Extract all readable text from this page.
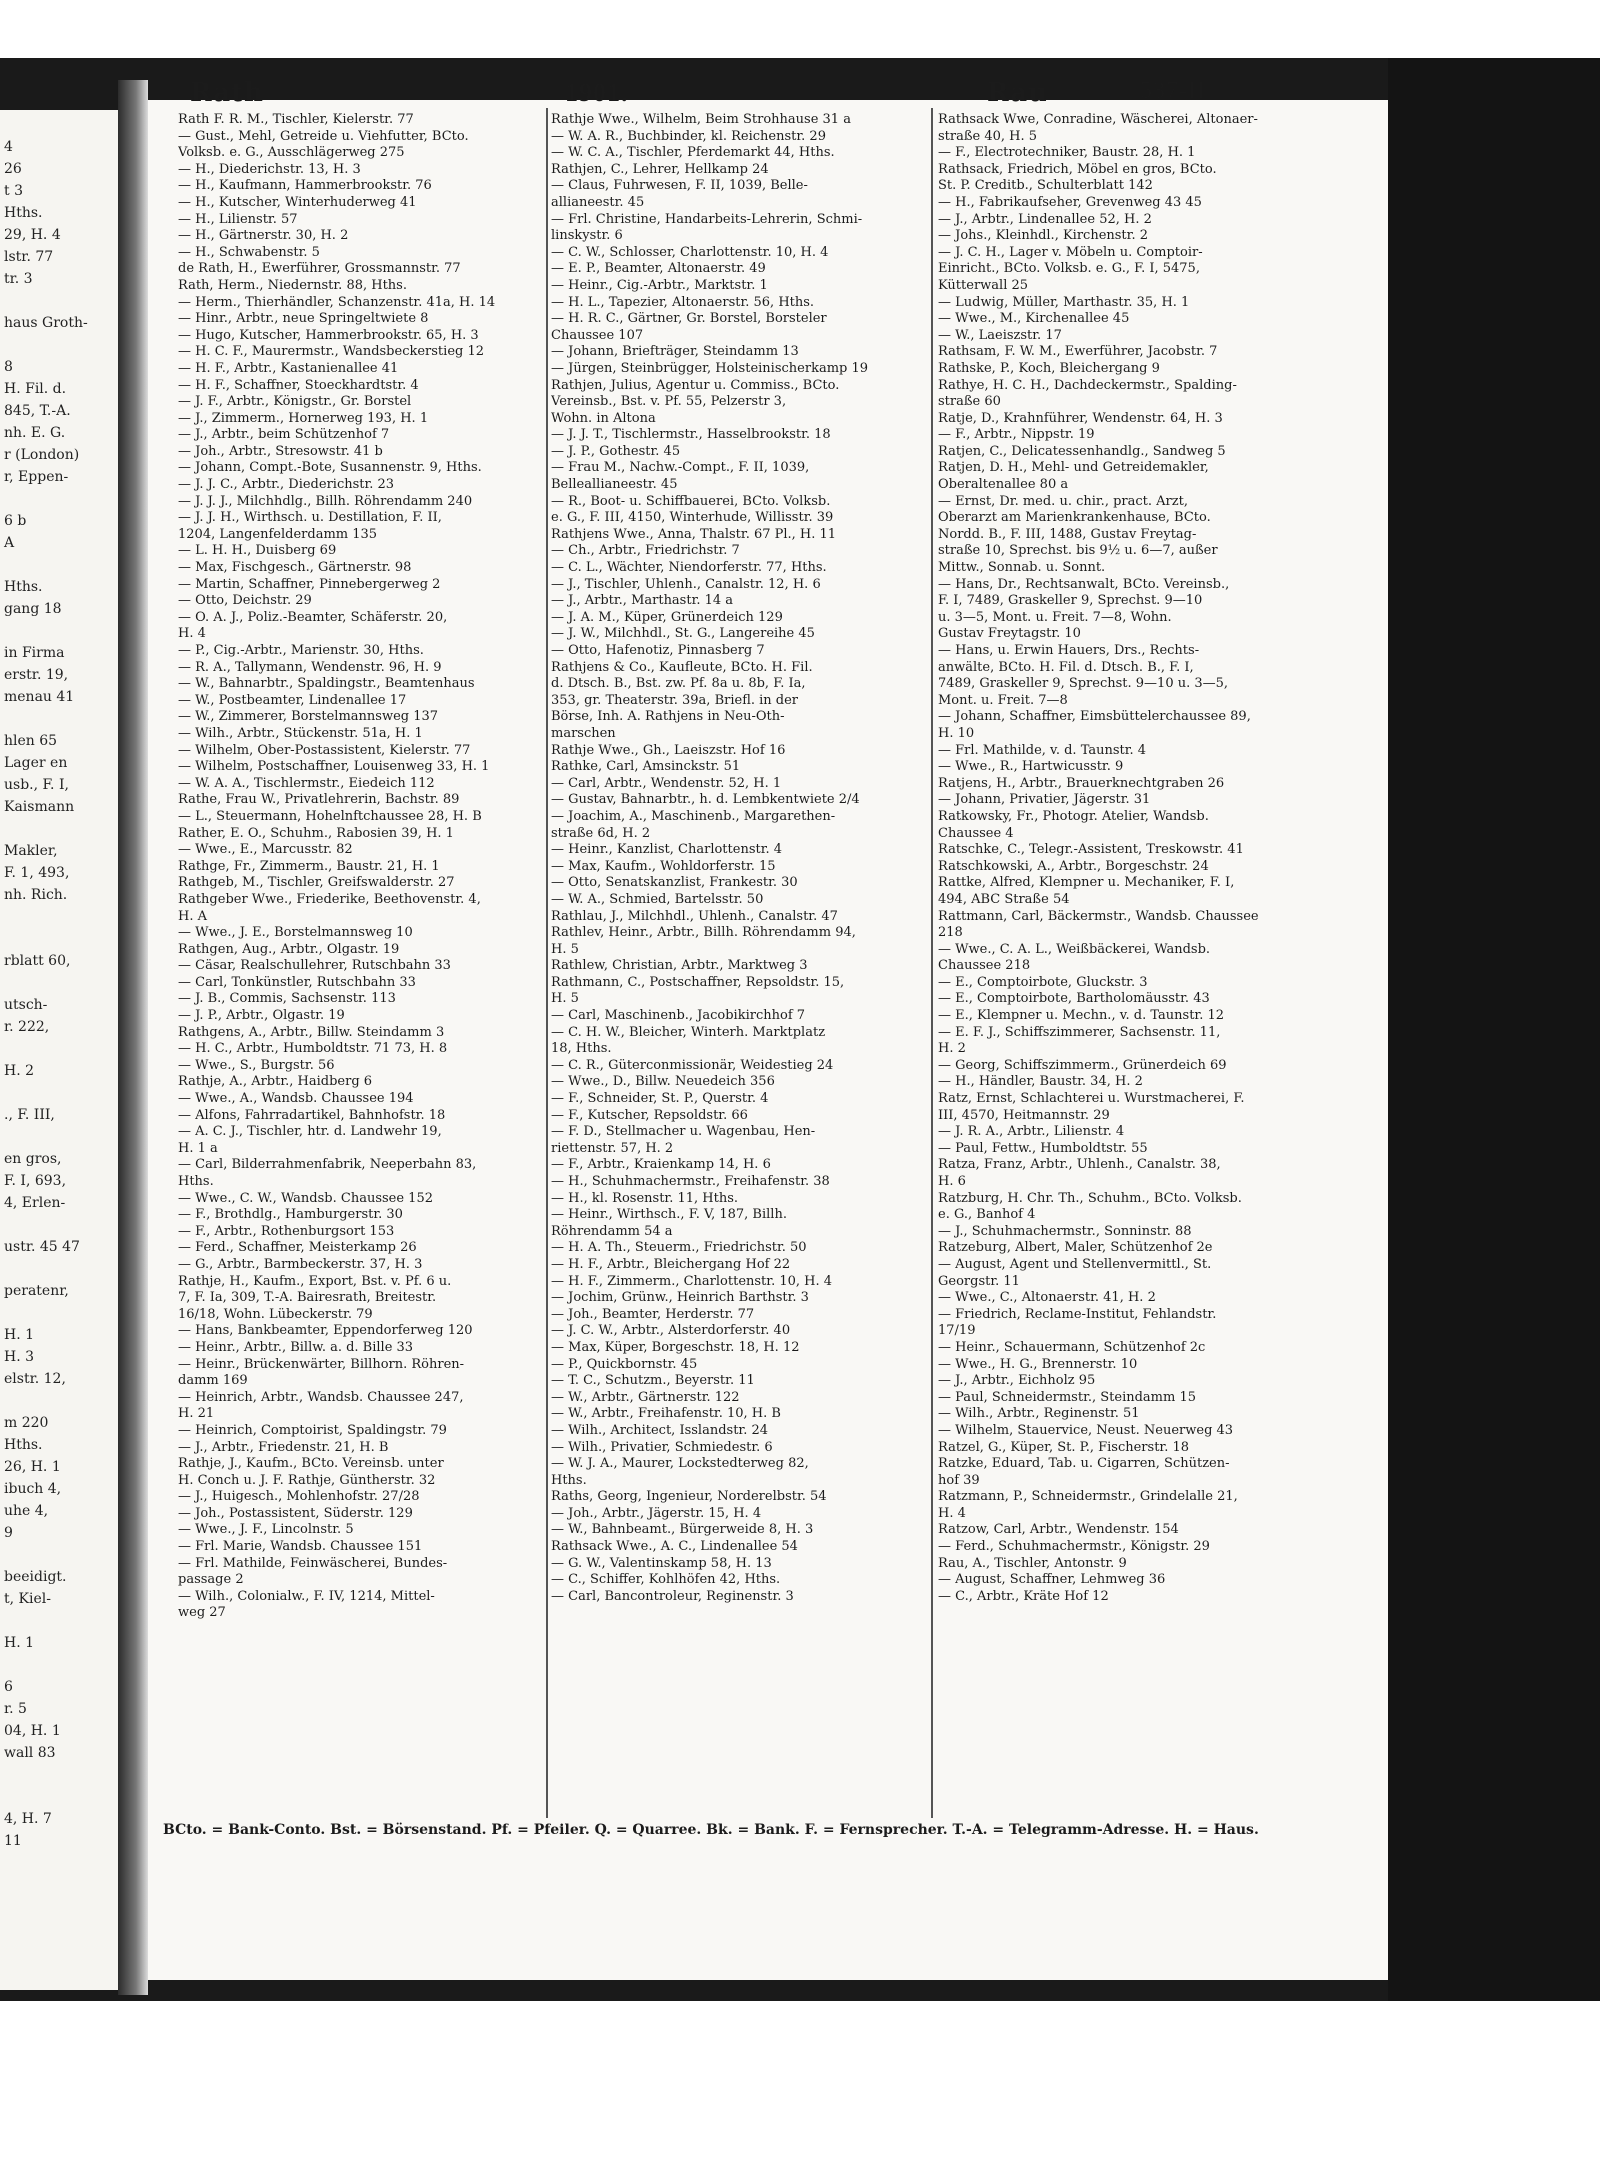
4
26
t 3
Hths.
29, H. 4
lstr. 77
tr. 3
haus Groth-
8
H. Fil. d.
845, T.-A.
nh. E. G.
r (London)
r, Eppen-
6 b
A
Hths.
gang 18
in Firma
erstr. 19,
menau 41
hlen 65
Lager en
usb., F. I,
Kaismann
Makler,
F. 1, 493,
nh. Rich.
rblatt 60,
utsch-
r. 222,
H. 2
., F. III,
en gros,
F. I, 693,
4, Erlen-
ustr. 45 47
peratenr,
H. 1
H. 3
elstr. 12,
m 220
Hths.
26, H. 1
ibuch 4,
uhe 4,
9
beeidigt.
t, Kiel-
H. 1
6
r. 5
04, H. 1
wall 83
4, H. 7
11
Rath	1901.	Rau	537-II
Rath F. R. M., Tischler, Kielerstr. 77
— Gust., Mehl, Getreide u. Viehfutter, BCto.
Volksb. e. G., Ausschlägerweg 275
— H., Diederichstr. 13, H. 3
— H., Kaufmann, Hammerbrookstr. 76
— H., Kutscher, Winterhuderweg 41
— H., Lilienstr. 57
— H., Gärtnerstr. 30, H. 2
— H., Schwabenstr. 5
de Rath, H., Ewerführer, Grossmannstr. 77
Rath, Herm., Niedernstr. 88, Hths.
— Herm., Thierhändler, Schanzenstr. 41a, H. 14
— Hinr., Arbtr., neue Springeltwiete 8
— Hugo, Kutscher, Hammerbrookstr. 65, H. 3
— H. C. F., Maurermstr., Wandsbeckerstieg 12
— H. F., Arbtr., Kastanienallee 41
— H. F., Schaffner, Stoeckhardtstr. 4
— J. F., Arbtr., Königstr., Gr. Borstel
— J., Zimmerm., Hornerweg 193, H. 1
— J., Arbtr., beim Schützenhof 7
— Joh., Arbtr., Stresowstr. 41 b
— Johann, Compt.-Bote, Susannenstr. 9, Hths.
— J. J. C., Arbtr., Diederichstr. 23
— J. J. J., Milchhdlg., Billh. Röhrendamm 240
— J. J. H., Wirthsch. u. Destillation, F. II,
1204, Langenfelderdamm 135
— L. H. H., Duisberg 69
— Max, Fischgesch., Gärtnerstr. 98
— Martin, Schaffner, Pinnebergerweg 2
— Otto, Deichstr. 29
— O. A. J., Poliz.-Beamter, Schäferstr. 20,
H. 4
— P., Cig.-Arbtr., Marienstr. 30, Hths.
— R. A., Tallymann, Wendenstr. 96, H. 9
— W., Bahnarbtr., Spaldingstr., Beamtenhaus
— W., Postbeamter, Lindenallee 17
— W., Zimmerer, Borstelmannsweg 137
— Wilh., Arbtr., Stückenstr. 51a, H. 1
— Wilhelm, Ober-Postassistent, Kielerstr. 77
— Wilhelm, Postschaffner, Louisenweg 33, H. 1
— W. A. A., Tischlermstr., Eiedeich 112
Rathe, Frau W., Privatlehrerin, Bachstr. 89
— L., Steuermann, Hohelnftchaussee 28, H. B
Rather, E. O., Schuhm., Rabosien 39, H. 1
— Wwe., E., Marcusstr. 82
Rathge, Fr., Zimmerm., Baustr. 21, H. 1
Rathgeb, M., Tischler, Greifswalderstr. 27
Rathgeber Wwe., Friederike, Beethovenstr. 4,
H. A
— Wwe., J. E., Borstelmannsweg 10
Rathgen, Aug., Arbtr., Olgastr. 19
— Cäsar, Realschullehrer, Rutschbahn 33
— Carl, Tonkünstler, Rutschbahn 33
— J. B., Commis, Sachsenstr. 113
— J. P., Arbtr., Olgastr. 19
Rathgens, A., Arbtr., Billw. Steindamm 3
— H. C., Arbtr., Humboldtstr. 71 73, H. 8
— Wwe., S., Burgstr. 56
Rathje, A., Arbtr., Haidberg 6
— Wwe., A., Wandsb. Chaussee 194
— Alfons, Fahrradartikel, Bahnhofstr. 18
— A. C. J., Tischler, htr. d. Landwehr 19,
H. 1 a
— Carl, Bilderrahmenfabrik, Neeperbahn 83,
Hths.
— Wwe., C. W., Wandsb. Chaussee 152
— F., Brothdlg., Hamburgerstr. 30
— F., Arbtr., Rothenburgsort 153
— Ferd., Schaffner, Meisterkamp 26
— G., Arbtr., Barmbeckerstr. 37, H. 3
Rathje, H., Kaufm., Export, Bst. v. Pf. 6 u.
7, F. Ia, 309, T.-A. Bairesrath, Breitestr.
16/18, Wohn. Lübeckerstr. 79
— Hans, Bankbeamter, Eppendorferweg 120
— Heinr., Arbtr., Billw. a. d. Bille 33
— Heinr., Brückenwärter, Billhorn. Röhren-
damm 169
— Heinrich, Arbtr., Wandsb. Chaussee 247,
H. 21
— Heinrich, Comptoirist, Spaldingstr. 79
— J., Arbtr., Friedenstr. 21, H. B
Rathje, J., Kaufm., BCto. Vereinsb. unter
H. Conch u. J. F. Rathje, Güntherstr. 32
— J., Huigesch., Mohlenhofstr. 27/28
— Joh., Postassistent, Süderstr. 129
— Wwe., J. F., Lincolnstr. 5
— Frl. Marie, Wandsb. Chaussee 151
— Frl. Mathilde, Feinwäscherei, Bundes-
passage 2
— Wilh., Colonialw., F. IV, 1214, Mittel-
weg 27
Rathje Wwe., Wilhelm, Beim Strohhause 31 a
— W. A. R., Buchbinder, kl. Reichenstr. 29
— W. C. A., Tischler, Pferdemarkt 44, Hths.
Rathjen, C., Lehrer, Hellkamp 24
— Claus, Fuhrwesen, F. II, 1039, Belle-
allianeestr. 45
— Frl. Christine, Handarbeits-Lehrerin, Schmi-
linskystr. 6
— C. W., Schlosser, Charlottenstr. 10, H. 4
— E. P., Beamter, Altonaerstr. 49
— Heinr., Cig.-Arbtr., Marktstr. 1
— H. L., Tapezier, Altonaerstr. 56, Hths.
— H. R. C., Gärtner, Gr. Borstel, Borsteler
Chaussee 107
— Johann, Briefträger, Steindamm 13
— Jürgen, Steinbrügger, Holsteinischerkamp 19
Rathjen, Julius, Agentur u. Commiss., BCto.
Vereinsb., Bst. v. Pf. 55, Pelzerstr 3,
Wohn. in Altona
— J. J. T., Tischlermstr., Hasselbrookstr. 18
— J. P., Gothestr. 45
— Frau M., Nachw.-Compt., F. II, 1039,
Belleallianeestr. 45
— R., Boot- u. Schiffbauerei, BCto. Volksb.
e. G., F. III, 4150, Winterhude, Willisstr. 39
Rathjens Wwe., Anna, Thalstr. 67 Pl., H. 11
— Ch., Arbtr., Friedrichstr. 7
— C. L., Wächter, Niendorferstr. 77, Hths.
— J., Tischler, Uhlenh., Canalstr. 12, H. 6
— J., Arbtr., Marthastr. 14 a
— J. A. M., Küper, Grünerdeich 129
— J. W., Milchhdl., St. G., Langereihe 45
— Otto, Hafenotiz, Pinnasberg 7
Rathjens & Co., Kaufleute, BCto. H. Fil.
d. Dtsch. B., Bst. zw. Pf. 8a u. 8b, F. Ia,
353, gr. Theaterstr. 39a, Briefl. in der
Börse, Inh. A. Rathjens in Neu-Oth-
marschen
Rathje Wwe., Gh., Laeiszstr. Hof 16
Rathke, Carl, Amsinckstr. 51
— Carl, Arbtr., Wendenstr. 52, H. 1
— Gustav, Bahnarbtr., h. d. Lembkentwiete 2/4
— Joachim, A., Maschinenb., Margarethen-
straße 6d, H. 2
— Heinr., Kanzlist, Charlottenstr. 4
— Max, Kaufm., Wohldorferstr. 15
— Otto, Senatskanzlist, Frankestr. 30
— W. A., Schmied, Bartelsstr. 50
Rathlau, J., Milchhdl., Uhlenh., Canalstr. 47
Rathlev, Heinr., Arbtr., Billh. Röhrendamm 94,
H. 5
Rathlew, Christian, Arbtr., Marktweg 3
Rathmann, C., Postschaffner, Repsoldstr. 15,
H. 5
— Carl, Maschinenb., Jacobikirchhof 7
— C. H. W., Bleicher, Winterh. Marktplatz
18, Hths.
— C. R., Güterconmissionär, Weidestieg 24
— Wwe., D., Billw. Neuedeich 356
— F., Schneider, St. P., Querstr. 4
— F., Kutscher, Repsoldstr. 66
— F. D., Stellmacher u. Wagenbau, Hen-
riettenstr. 57, H. 2
— F., Arbtr., Kraienkamp 14, H. 6
— H., Schuhmachermstr., Freihafenstr. 38
— H., kl. Rosenstr. 11, Hths.
— Heinr., Wirthsch., F. V, 187, Billh.
Röhrendamm 54 a
— H. A. Th., Steuerm., Friedrichstr. 50
— H. F., Arbtr., Bleichergang Hof 22
— H. F., Zimmerm., Charlottenstr. 10, H. 4
— Jochim, Grünw., Heinrich Barthstr. 3
— Joh., Beamter, Herderstr. 77
— J. C. W., Arbtr., Alsterdorferstr. 40
— Max, Küper, Borgeschstr. 18, H. 12
— P., Quickbornstr. 45
— T. C., Schutzm., Beyerstr. 11
— W., Arbtr., Gärtnerstr. 122
— W., Arbtr., Freihafenstr. 10, H. B
— Wilh., Architect, Isslandstr. 24
— Wilh., Privatier, Schmiedestr. 6
— W. J. A., Maurer, Lockstedterweg 82,
Hths.
Raths, Georg, Ingenieur, Norderelbstr. 54
— Joh., Arbtr., Jägerstr. 15, H. 4
— W., Bahnbeamt., Bürgerweide 8, H. 3
Rathsack Wwe., A. C., Lindenallee 54
— G. W., Valentinskamp 58, H. 13
— C., Schiffer, Kohlhöfen 42, Hths.
— Carl, Bancontroleur, Reginenstr. 3
Rathsack Wwe, Conradine, Wäscherei, Altonaer-
straße 40, H. 5
— F., Electrotechniker, Baustr. 28, H. 1
Rathsack, Friedrich, Möbel en gros, BCto.
St. P. Creditb., Schulterblatt 142
— H., Fabrikaufseher, Grevenweg 43 45
— J., Arbtr., Lindenallee 52, H. 2
— Johs., Kleinhdl., Kirchenstr. 2
— J. C. H., Lager v. Möbeln u. Comptoir-
Einricht., BCto. Volksb. e. G., F. I, 5475,
Kütterwall 25
— Ludwig, Müller, Marthastr. 35, H. 1
— Wwe., M., Kirchenallee 45
— W., Laeiszstr. 17
Rathsam, F. W. M., Ewerführer, Jacobstr. 7
Rathske, P., Koch, Bleichergang 9
Rathye, H. C. H., Dachdeckermstr., Spalding-
straße 60
Ratje, D., Krahnführer, Wendenstr. 64, H. 3
— F., Arbtr., Nippstr. 19
Ratjen, C., Delicatessenhandlg., Sandweg 5
Ratjen, D. H., Mehl- und Getreidemakler,
Oberaltenallee 80 a
— Ernst, Dr. med. u. chir., pract. Arzt,
Oberarzt am Marienkrankenhause, BCto.
Nordd. B., F. III, 1488, Gustav Freytag-
straße 10, Sprechst. bis 9½ u. 6—7, außer
Mittw., Sonnab. u. Sonnt.
— Hans, Dr., Rechtsanwalt, BCto. Vereinsb.,
F. I, 7489, Graskeller 9, Sprechst. 9—10
u. 3—5, Mont. u. Freit. 7—8, Wohn.
Gustav Freytagstr. 10
— Hans, u. Erwin Hauers, Drs., Rechts-
anwälte, BCto. H. Fil. d. Dtsch. B., F. I,
7489, Graskeller 9, Sprechst. 9—10 u. 3—5,
Mont. u. Freit. 7—8
— Johann, Schaffner, Eimsbüttelerchaussee 89,
H. 10
— Frl. Mathilde, v. d. Taunstr. 4
— Wwe., R., Hartwicusstr. 9
Ratjens, H., Arbtr., Brauerknechtgraben 26
— Johann, Privatier, Jägerstr. 31
Ratkowsky, Fr., Photogr. Atelier, Wandsb.
Chaussee 4
Ratschke, C., Telegr.-Assistent, Treskowstr. 41
Ratschkowski, A., Arbtr., Borgeschstr. 24
Rattke, Alfred, Klempner u. Mechaniker, F. I,
494, ABC Straße 54
Rattmann, Carl, Bäckermstr., Wandsb. Chaussee
218
— Wwe., C. A. L., Weißbäckerei, Wandsb.
Chaussee 218
— E., Comptoirbote, Gluckstr. 3
— E., Comptoirbote, Bartholomäusstr. 43
— E., Klempner u. Mechn., v. d. Taunstr. 12
— E. F. J., Schiffszimmerer, Sachsenstr. 11,
H. 2
— Georg, Schiffszimmerm., Grünerdeich 69
— H., Händler, Baustr. 34, H. 2
Ratz, Ernst, Schlachterei u. Wurstmacherei, F.
III, 4570, Heitmannstr. 29
— J. R. A., Arbtr., Lilienstr. 4
— Paul, Fettw., Humboldtstr. 55
Ratza, Franz, Arbtr., Uhlenh., Canalstr. 38,
H. 6
Ratzburg, H. Chr. Th., Schuhm., BCto. Volksb.
e. G., Banhof 4
— J., Schuhmachermstr., Sonninstr. 88
Ratzeburg, Albert, Maler, Schützenhof 2e
— August, Agent und Stellenvermittl., St.
Georgstr. 11
— Wwe., C., Altonaerstr. 41, H. 2
— Friedrich, Reclame-Institut, Fehlandstr.
17/19
— Heinr., Schauermann, Schützenhof 2c
— Wwe., H. G., Brennerstr. 10
— J., Arbtr., Eichholz 95
— Paul, Schneidermstr., Steindamm 15
— Wilh., Arbtr., Reginenstr. 51
— Wilhelm, Stauervice, Neust. Neuerweg 43
Ratzel, G., Küper, St. P., Fischerstr. 18
Ratzke, Eduard, Tab. u. Cigarren, Schützen-
hof 39
Ratzmann, P., Schneidermstr., Grindelalle 21,
H. 4
Ratzow, Carl, Arbtr., Wendenstr. 154
— Ferd., Schuhmachermstr., Königstr. 29
Rau, A., Tischler, Antonstr. 9
— August, Schaffner, Lehmweg 36
— C., Arbtr., Kräte Hof 12
BCto. = Bank-Conto. Bst. = Börsenstand. Pf. = Pfeiler. Q. = Quarree. Bk. = Bank. F. = Fernsprecher. T.-A. = Telegramm-Adresse. H. = Haus.
